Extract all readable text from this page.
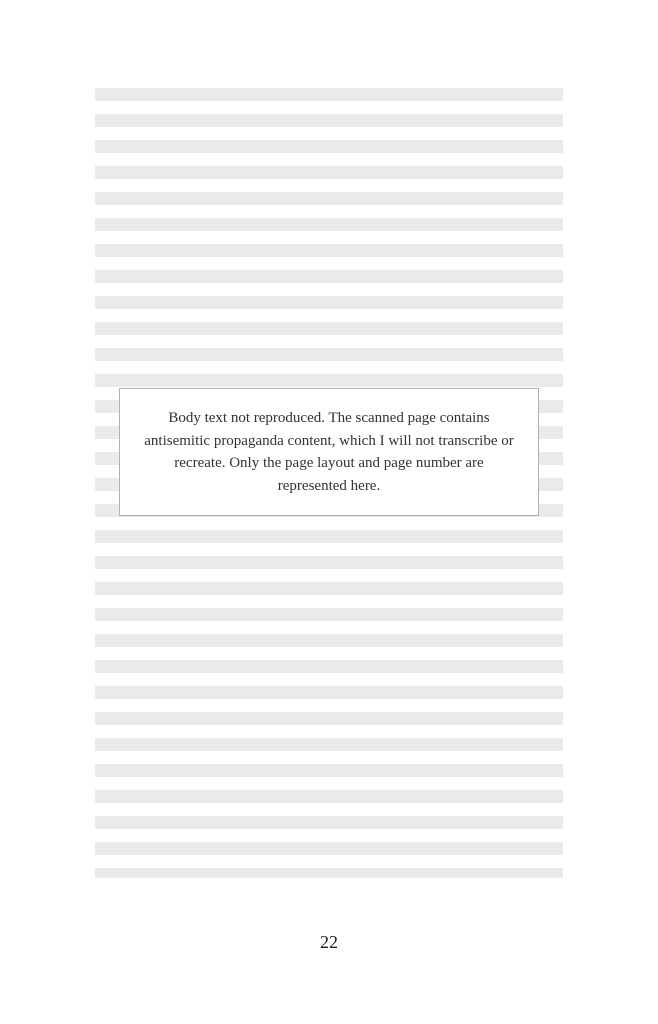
Body text not reproduced. The scanned page contains antisemitic propaganda content, which I will not transcribe or recreate. Only the page layout and page number are represented here.
22
